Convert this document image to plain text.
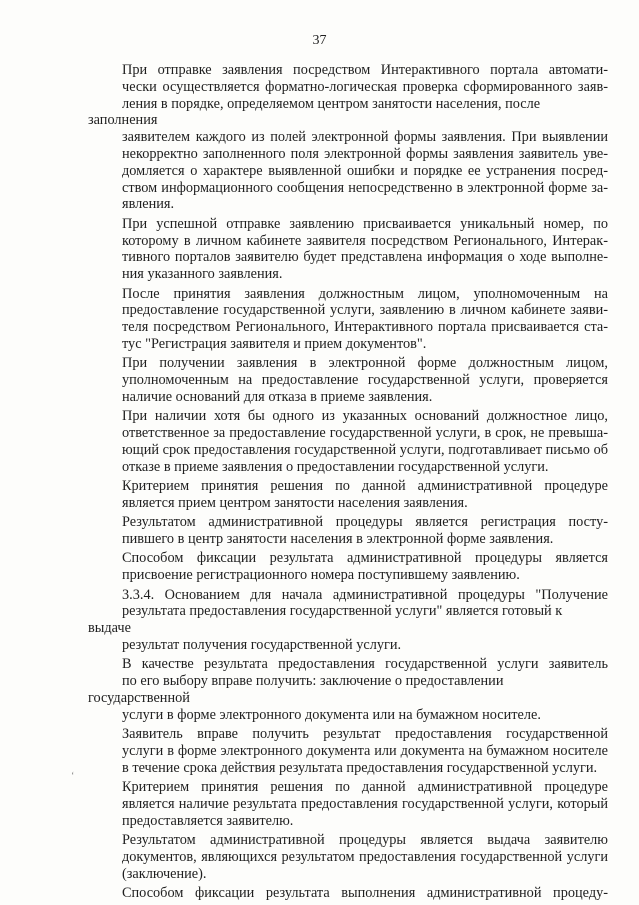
37

При отправке заявления посредством Интерактивного портала автомати-
чески осуществляется форматно-логическая проверка сформированного заяв-
ления в порядке, определяемом центром занятости населения, после заполнения
заявителем каждого из полей электронной формы заявления. При выявлении
некорректно заполненного поля электронной формы заявления заявитель уве-
домляется о характере выявленной ошибки и порядке ее устранения посред-
ством информационного сообщения непосредственно в электронной форме за-
явления.

При успешной отправке заявлению присваивается уникальный номер, по
которому в личном кабинете заявителя посредством Регионального, Интерак-
тивного порталов заявителю будет представлена информация о ходе выполне-
ния указанного заявления.

После принятия заявления должностным лицом, уполномоченным на
предоставление государственной услуги, заявлению в личном кабинете заяви-
теля посредством Регионального, Интерактивного портала присваивается ста-
тус "Регистрация заявителя и прием документов".

При получении заявления в электронной форме должностным лицом,
уполномоченным на предоставление государственной услуги, проверяется
наличие оснований для отказа в приеме заявления.

При наличии хотя бы одного из указанных оснований должностное лицо,
ответственное за предоставление государственной услуги, в срок, не превыша-
ющий срок предоставления государственной услуги, подготавливает письмо об
отказе в приеме заявления о предоставлении государственной услуги.

Критерием принятия решения по данной административной процедуре
является прием центром занятости населения заявления.

Результатом административной процедуры является регистрация посту-
пившего в центр занятости населения в электронной форме заявления.

Способом фиксации результата административной процедуры является
присвоение регистрационного номера поступившему заявлению.

3.3.4. Основанием для начала административной процедуры "Получение
результата предоставления государственной услуги" является готовый к выдаче
результат получения государственной услуги.

В качестве результата предоставления государственной услуги заявитель
по его выбору вправе получить: заключение о предоставлении государственной
услуги в форме электронного документа или на бумажном носителе.

Заявитель вправе получить результат предоставления государственной
услуги в форме электронного документа или документа на бумажном носителе
в течение срока действия результата предоставления государственной услуги.

Критерием принятия решения по данной административной процедуре
является наличие результата предоставления государственной услуги, который
предоставляется заявителю.

Результатом административной процедуры является выдача заявителю
документов, являющихся результатом предоставления государственной услуги
(заключение).

Способом фиксации результата выполнения административной процеду-

ʻ
